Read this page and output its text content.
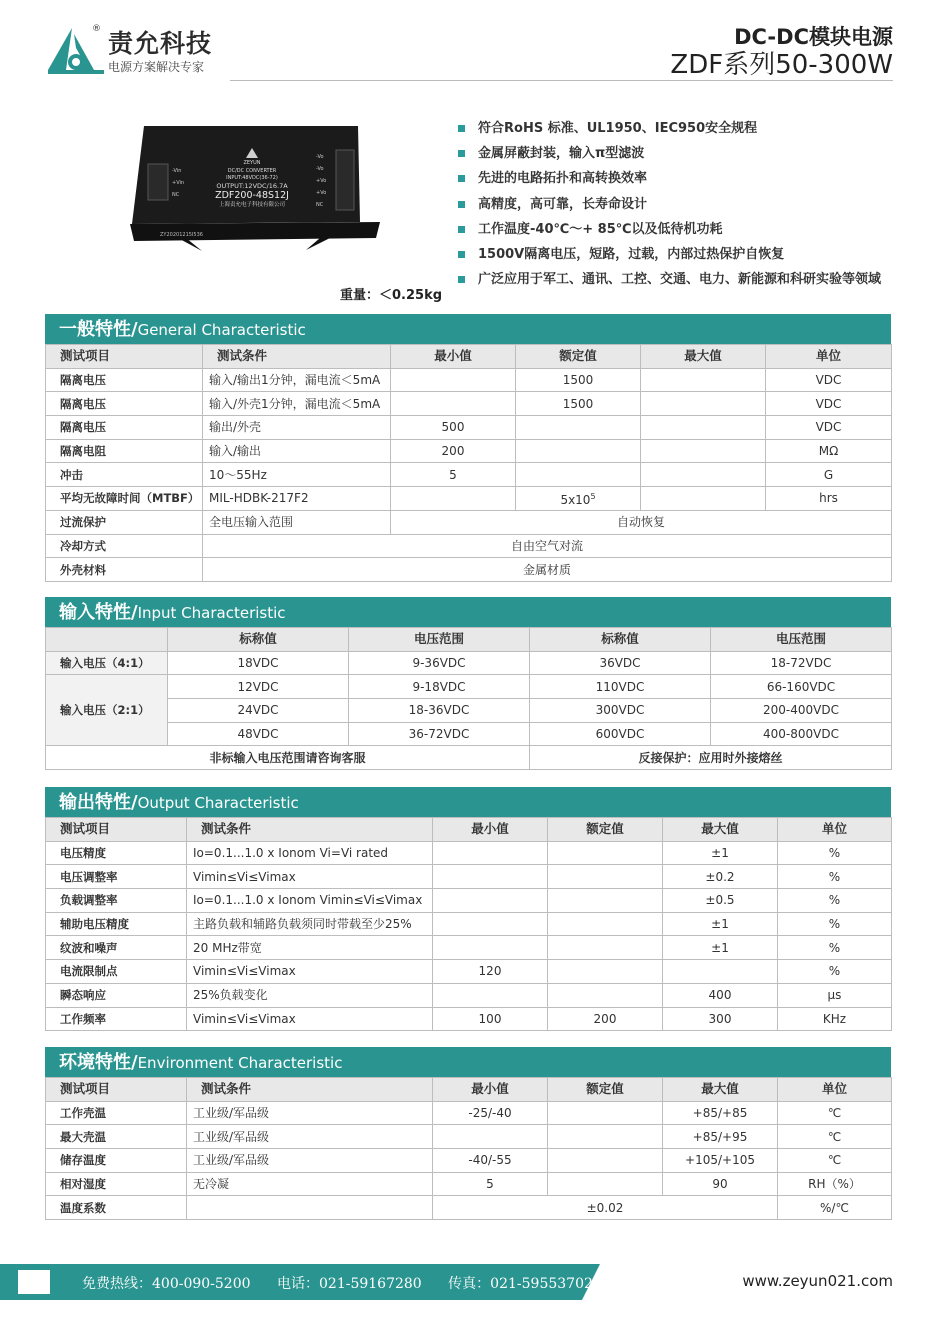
® 责允科技
电源方案解决专家
DC-DC模块电源
ZDF系列50-300W
ZEYUN
DC/DC CONVERTER
INPUT:48VDC(36-72)
OUTPUT:12VDC/16.7A
ZDF200-48S12J
上海责允电子科技有限公司
ZY20201215I536
-Vin
+Vin
NC
-Vo
-Vo
+Vo
+Vo
NC
重量：＜0.25kg
符合RoHS 标准、UL1950、IEC950安全规程
金属屏蔽封装，输入π型滤波
先进的电路拓扑和高转换效率
高精度，高可靠，长寿命设计
工作温度-40℃～+ 85℃以及低待机功耗
1500V隔离电压，短路，过载，内部过热保护自恢复
广泛应用于军工、通讯、工控、交通、电力、新能源和科研实验等领域
一般特性/General Characteristic
测试项目	测试条件	最小值	额定值	最大值	单位
隔离电压	输入/输出1分钟，漏电流＜5mA		1500		VDC
隔离电压	输入/外壳1分钟，漏电流＜5mA		1500		VDC
隔离电压	输出/外壳	500			VDC
隔离电阻	输入/输出	200			MΩ
冲击	10～55Hz	5			G
平均无故障时间（MTBF）	MIL-HDBK-217F2		$5x10^5$		hrs
过流保护	全电压输入范围	自动恢复			
冷却方式	自由空气对流				
外壳材料	金属材质				
输入特性/Input Characteristic
	标称值	电压范围	标称值	电压范围
输入电压（4:1）	18VDC	9-36VDC	36VDC	18-72VDC
输入电压（2:1）	12VDC	9-18VDC	110VDC	66-160VDC
	24VDC	18-36VDC	300VDC	200-400VDC
	48VDC	36-72VDC	600VDC	400-800VDC
非标输入电压范围请咨询客服			反接保护：应用时外接熔丝	
输出特性/Output Characteristic
测试项目	测试条件	最小值	额定值	最大值	单位
电压精度	Io=0.1...1.0 x Ionom Vi=Vi rated			±1	%
电压调整率	Vimin≤Vi≤Vimax			±0.2	%
负载调整率	Io=0.1...1.0 x Ionom Vimin≤Vi≤Vimax			±0.5	%
辅助电压精度	主路负载和辅路负载须同时带载至少25%			±1	%
纹波和噪声	20 MHz带宽			±1	%
电流限制点	Vimin≤Vi≤Vimax	120			%
瞬态响应	25%负载变化			400	μs
工作频率	Vimin≤Vi≤Vimax	100	200	300	KHz
环境特性/Environment Characteristic
测试项目	测试条件	最小值	额定值	最大值	单位
工作壳温	工业级/军品级	-25/-40		+85/+85	℃
最大壳温	工业级/军品级			+85/+95	℃
储存温度	工业级/军品级	-40/-55		+105/+105	℃
相对湿度	无冷凝	5		90	RH（%）
温度系数		±0.02			%/℃
免费热线：400-090-5200 电话：021-59167280 传真：021-59553702	www.zeyun021.com
